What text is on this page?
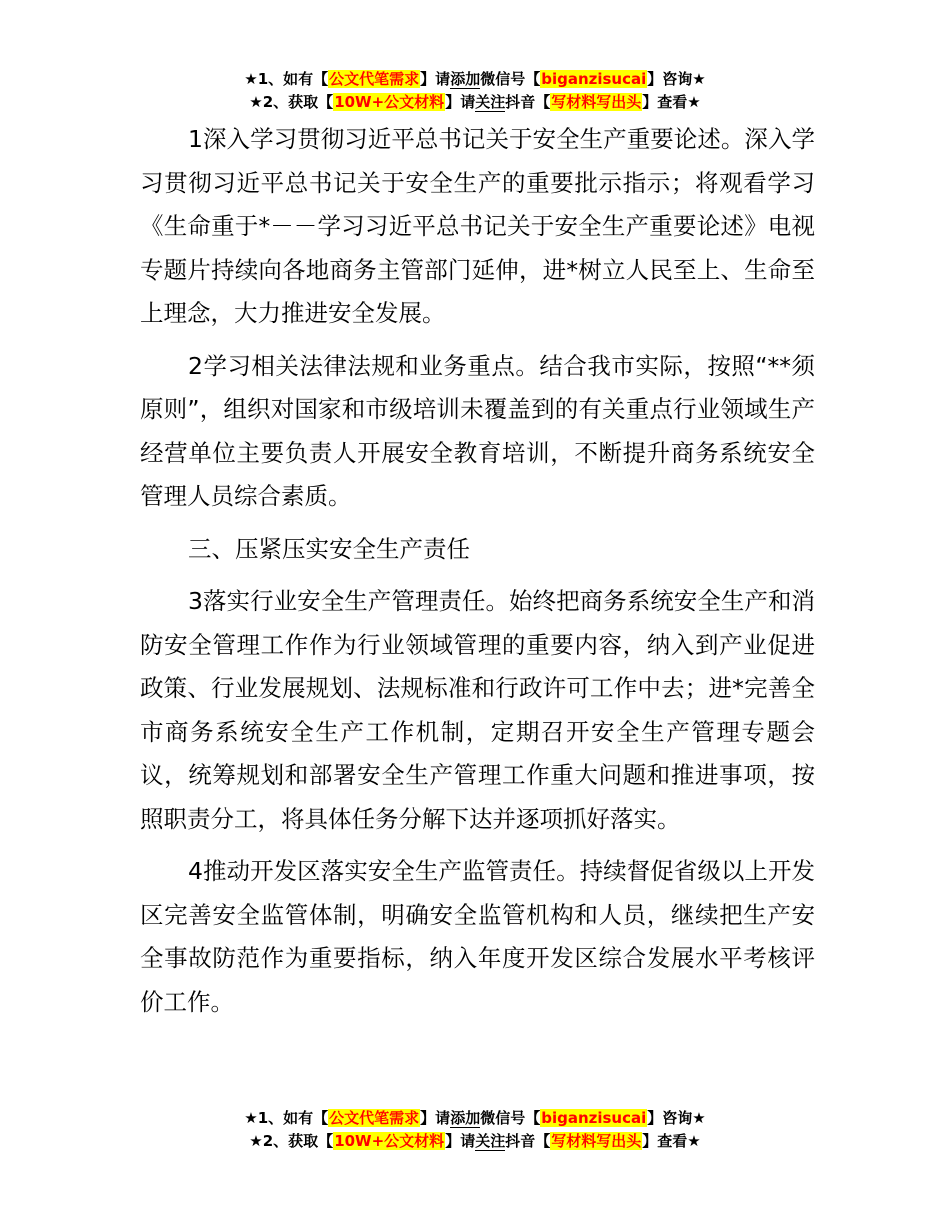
★1、如有【公文代笔需求】请添加微信号【biganzisucai】咨询★
★2、获取【10W+公文材料】请关注抖音【写材料写出头】查看★

1深入学习贯彻习近平总书记关于安全生产重要论述。深入学习贯彻习近平总书记关于安全生产的重要批示指示；将观看学习《生命重于*－－学习习近平总书记关于安全生产重要论述》电视专题片持续向各地商务主管部门延伸，进*树立人民至上、生命至上理念，大力推进安全发展。

2学习相关法律法规和业务重点。结合我市实际，按照“**须原则”，组织对国家和市级培训未覆盖到的有关重点行业领域生产经营单位主要负责人开展安全教育培训，不断提升商务系统安全管理人员综合素质。

三、压紧压实安全生产责任

3落实行业安全生产管理责任。始终把商务系统安全生产和消防安全管理工作作为行业领域管理的重要内容，纳入到产业促进政策、行业发展规划、法规标准和行政许可工作中去；进*完善全市商务系统安全生产工作机制，定期召开安全生产管理专题会议，统筹规划和部署安全生产管理工作重大问题和推进事项，按照职责分工，将具体任务分解下达并逐项抓好落实。

4推动开发区落实安全生产监管责任。持续督促省级以上开发区完善安全监管体制，明确安全监管机构和人员，继续把生产安全事故防范作为重要指标，纳入年度开发区综合发展水平考核评价工作。

★1、如有【公文代笔需求】请添加微信号【biganzisucai】咨询★
★2、获取【10W+公文材料】请关注抖音【写材料写出头】查看★
